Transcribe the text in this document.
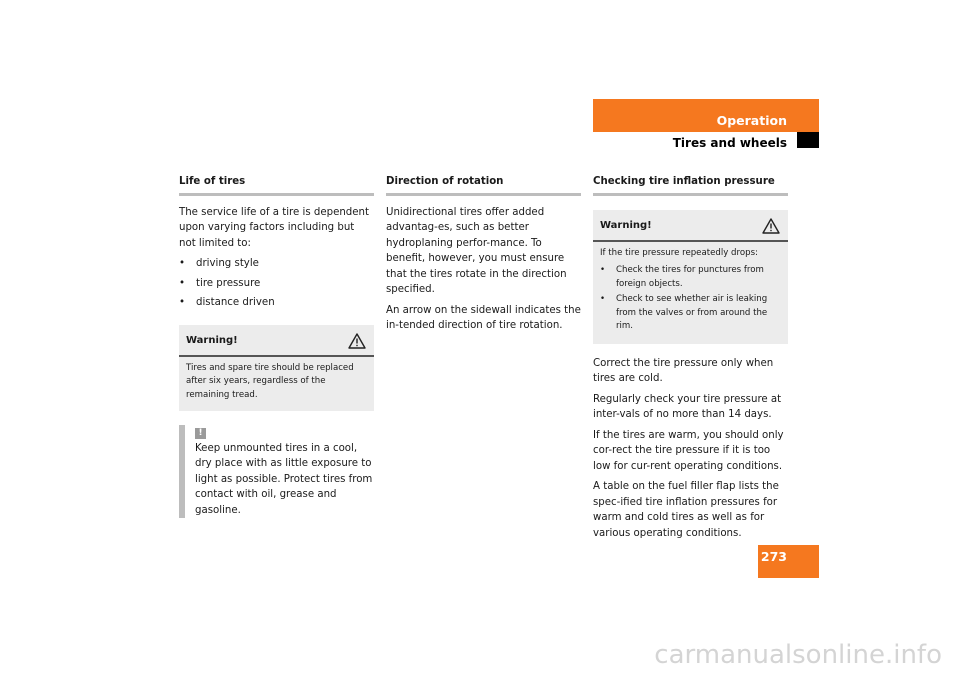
Operation
Tires and wheels
Life of tires

The service life of a tire is dependent upon varying factors including but not limited to:

• driving style
• tire pressure
• distance driven
Warning!

Tires and spare tire should be replaced after six years, regardless of the remaining tread.

!
Keep unmounted tires in a cool, dry place with as little exposure to light as possible. Protect tires from contact with oil, grease and gasoline.
Direction of rotation

Unidirectional tires offer added advantag-es, such as better hydroplaning perfor-mance. To benefit, however, you must ensure that the tires rotate in the direction specified.

An arrow on the sidewall indicates the in-tended direction of tire rotation.

Checking tire inflation pressure
Warning!

If the tire pressure repeatedly drops:

• Check the tires for punctures from foreign objects.
• Check to see whether air is leaking from the valves or from around the rim.

Correct the tire pressure only when tires are cold.

Regularly check your tire pressure at inter-vals of no more than 14 days.

If the tires are warm, you should only cor-rect the tire pressure if it is too low for cur-rent operating conditions.

A table on the fuel filler flap lists the spec-ified tire inflation pressures for warm and cold tires as well as for various operating conditions.

273
carmanualsonline.info
